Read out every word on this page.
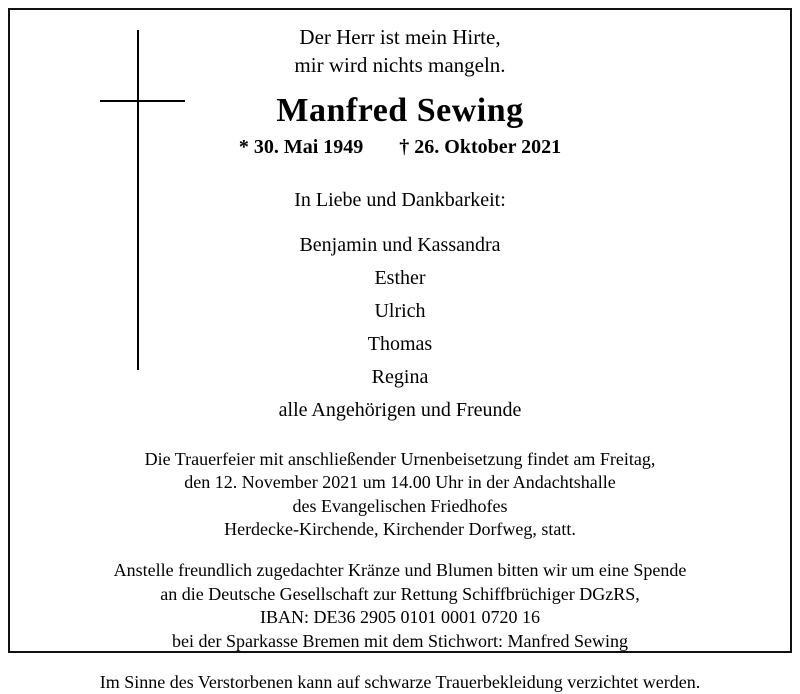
Der Herr ist mein Hirte,
mir wird nichts mangeln.
Manfred Sewing
* 30. Mai 1949 † 26. Oktober 2021
In Liebe und Dankbarkeit:
Benjamin und Kassandra
Esther
Ulrich
Thomas
Regina
alle Angehörigen und Freunde
Die Trauerfeier mit anschließender Urnenbeisetzung findet am Freitag,
den 12. November 2021 um 14.00 Uhr in der Andachtshalle
des Evangelischen Friedhofes
Herdecke-Kirchende, Kirchender Dorfweg, statt.
Anstelle freundlich zugedachter Kränze und Blumen bitten wir um eine Spende
an die Deutsche Gesellschaft zur Rettung Schiffbrüchiger DGzRS,
IBAN: DE36 2905 0101 0001 0720 16
bei der Sparkasse Bremen mit dem Stichwort: Manfred Sewing
Im Sinne des Verstorbenen kann auf schwarze Trauerbekleidung verzichtet werden.
